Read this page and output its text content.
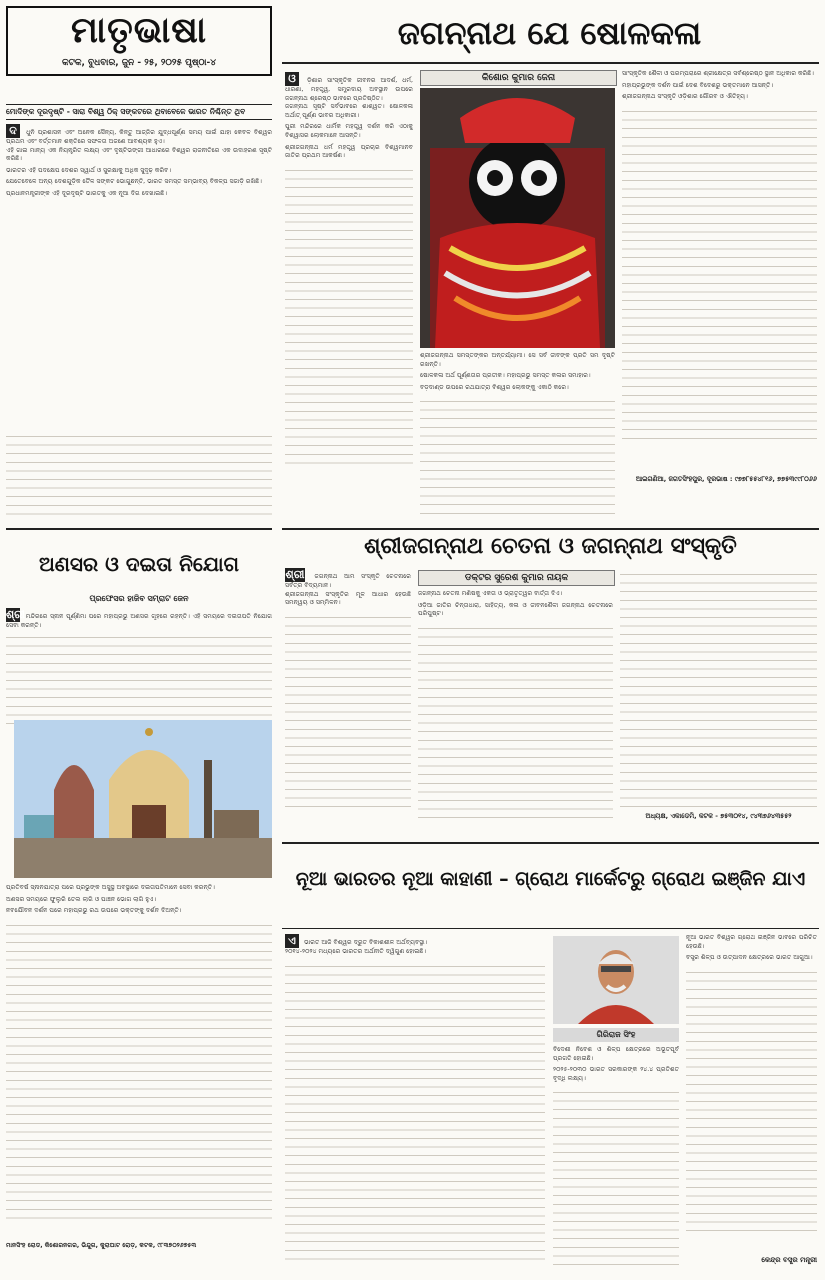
ମାତୃଭାଷା
କଟକ, ବୁଧବାର, ଜୁନ - ୨୫, ୨୦୨୫ ପୃଷ୍ଠା-୪
ଜଗନ୍ନାଥ ଯେ ଷୋଳକଳା
ମୋଦିଙ୍କ ଦୂରଦୃଷ୍ଟି - ସାରା ବିଶ୍ୱ ଠିକ୍ ସଙ୍କଟରେ ଥିବାବେଳେ ଭାରତ ନିଶ୍ଚିନ୍ତ ଥିବ
ଦ ଧୁନି ପ୍ରଶାସନ ଏବଂ ଅନେକ ସୈନ୍ୟ, କିନ୍ତୁ ଆଜ୍ଜିର ଯୁଦ୍ଧପୂର୍ଣ୍ଣ ସମୟ ପାଇଁ ଯାହା କେବଳ ବିଶ୍ୱର ପ୍ରଥମ ଏବଂ ବର୍ତ୍ତମାନ ଶକ୍ତିରେ ସଫଳତା ଅଜଣେ ଆବଶ୍ୟକ ହୁଏ।

ଏହି ଗାଇ ମାନ୍ୟ ଏକ ନିୟନ୍ତ୍ରିତ ଲକ୍ଷ୍ୟ ଏବଂ ଦୃଷ୍ଟିଭଙ୍ଗୀ ଆଧାରରେ ବିଶ୍ୱର ରାଜନୀତିରେ ଏକ ଉଦାହରଣ ସୃଷ୍ଟି କରିଛି।

ଭାରତର ଏହି ପଦକ୍ଷେପ ଦେଶର ସ୍ୱାର୍ଥ ଓ ସୁରକ୍ଷାକୁ ଅଧିକ ସୁଦୃଢ଼ କରିବ।

ଯେତେବେଳେ ଅନ୍ୟ ଦେଶଗୁଡ଼ିକ ତୈଳ ସଙ୍କଟ ଭୋଗୁଛନ୍ତି, ଭାରତ ସମସ୍ତ ସମ୍ଭାବ୍ୟ ବିକଳ୍ପ ସଜାଡ଼ି ରଖିଛି।

ପ୍ରଧାନମନ୍ତ୍ରୀଙ୍କ ଏହି ଦୂରଦୃଷ୍ଟି ଭାରତକୁ ଏକ ନୂଆ ଦିଗ ଦେଖାଇଛି।

ଓ ଡ଼ିଶାର ସାଂସ୍କୃତିକ ଜୀବନର ଆଦର୍ଶ, ଧର୍ମ, ଧାରଣା, ମହତ୍ତ୍ୱ, ସମ୍ପ୍ରଦାୟ ଅବସ୍ଥାନ ଉପରେ ଜଗନ୍ନାଥ ଶ୍ରେଷ୍ଠ ଭାବରେ ପ୍ରତିଷ୍ଠିତ।

ଜଗନ୍ନାଥ ସୃଷ୍ଟି ସର୍ବଭାବରେ ଶାଶ୍ୱତ। ଷୋଳକଳା ଅର୍ଥାତ୍ ପୂର୍ଣ୍ଣ ଭାବର ଅଧିକାରୀ।

ପୁରୀ ମନ୍ଦିରରେ ଧାର୍ମିକ ମହତ୍ତ୍ୱ ଦର୍ଶନ କରି ଏଠାକୁ ବିଶ୍ୱାସର ଲୋକମାନେ ଆସନ୍ତି।

ଶ୍ରୀଜଗନ୍ନାଥ ଧର୍ମ ମହତ୍ତ୍ୱ ପ୍ରଚାର ବିଶ୍ୱମାନବ ଜାତିର ପ୍ରଥମ ଆକର୍ଷଣ।

କିଶୋର କୁମାର ଜେନା

ଶ୍ରୀଜଗନ୍ନାଥ ସମସ୍ତଙ୍କର ଅନ୍ତର୍ଯ୍ୟାମୀ। ସେ ସର୍ବ ଜୀବଙ୍କ ପ୍ରତି ସମ ଦୃଷ୍ଟି ରଖନ୍ତି।

ଷୋଳକଳା ଅର୍ଥ ପୂର୍ଣ୍ଣତାର ପ୍ରତୀକ। ମହାପ୍ରଭୁ ସମସ୍ତ କଳାର ସମାହାର।

ବଡ଼ଦାଣ୍ଡ ଉପରେ ରଥଯାତ୍ରା ବିଶ୍ୱର ଲୋକଙ୍କୁ ଏକାଠି କରେ।

ସାଂସ୍କୃତିକ ଶୈଳୀ ଓ ପରମ୍ପରାରେ ଶ୍ରୀକ୍ଷେତ୍ର ସର୍ବଶ୍ରେଷ୍ଠ ସ୍ଥାନ ଅଧିକାର କରିଛି।

ମହାପ୍ରଭୁଙ୍କ ଦର୍ଶନ ପାଇଁ ଦେଶ ବିଦେଶରୁ ଭକ୍ତମାନେ ଆସନ୍ତି।

ଶ୍ରୀଜଗନ୍ନାଥ ସଂସ୍କୃତି ଓଡ଼ିଶାର ଗୌରବ ଓ ଐତିହ୍ୟ।

ଆଇଗଣିଆ, ଜଗତସିଂହପୁର, ଦୂରଭାଷ : ୯୭୭୮୫୫୪୮୧୬, ୭୭୫୩୯୯୮୦୬୬
ଶ୍ରୀଜଗନ୍ନାଥ ଚେତନା ଓ ଜଗନ୍ନାଥ ସଂସ୍କୃତି
ଅଣସର ଓ ଦଇତା ନିଯୋଗ
ପ୍ରଫେସର ହାଜିବ ସମ୍ରାଟ ଜେନ
ଶ୍ରୀ

ମନ୍ଦିରରେ ସ୍ନାନ ପୂର୍ଣ୍ଣିମା ପରେ ମହାପ୍ରଭୁ ଅଣସର ଗୃହରେ ରହନ୍ତି। ଏହି ସମୟରେ ଦଇତାପତି ନିଯୋଗ ସେବା କରନ୍ତି।

ପ୍ରତିବର୍ଷ ସ୍ନାନଯାତ୍ରା ପରେ ପ୍ରଭୁଙ୍କ ଅସୁସ୍ଥ ଅବସ୍ଥାରେ ଦଇତାପତିମାନେ ସେବା କରନ୍ତି।

ଅଣସର ସମୟରେ ଫୁଲୁରି ତେଲ ଲାଗି ଓ ପାଞ୍ଚନ ଭୋଗ ଲାଗି ହୁଏ।

ନବଯୌବନ ଦର୍ଶନ ପରେ ମହାପ୍ରଭୁ ରଥ ଉପରେ ଭକ୍ତଙ୍କୁ ଦର୍ଶନ ଦିଅନ୍ତି।

ମାନସିଂହ ରୋଡ, କିଶୋରନଗର, ଭିନ୍ଦୁଗ, କୁରାଘାଟ ରୋଡ଼, କଟକ, ୯୮୩୭୦୨୬୭୫୩
ଶ୍ରୀ ଜଗନ୍ନାଥ ଆମ ସଂସ୍କୃତି ଚେତନାରେ ସର୍ବତ୍ର ବିଦ୍ୟମାନ।

ଶ୍ରୀଜଗନ୍ନାଥ ସଂସ୍କୃତିର ମୂଳ ଆଧାର ହେଉଛି ସମନ୍ୱୟ ଓ ସମ୍ମିଳନ।

ଡକ୍ଟର ସୁରେଶ କୁମାର ନାୟକ

ଜଗନ୍ନାଥ ଚେତନା ମଣିଷକୁ ଏକତା ଓ ଭ୍ରାତୃତ୍ୱର ବାର୍ତ୍ତା ଦିଏ।

ଓଡ଼ିଆ ଜାତିର ଚିନ୍ତାଧାରା, ସାହିତ୍ୟ, କଳା ଓ ଜୀବନଶୈଳୀ ଜଗନ୍ନାଥ ଚେତନାରେ ପରିପୁଷ୍ଟ।

ଅଧ୍ୟକ୍ଷ, ଏକାଡେମି, କଟକ - ୭୫୩୦୧୪, ୯୪୩୭୬୪୩୫୫୨
ନୂଆ ଭାରତର ନୂଆ କାହାଣୀ – ଗ୍ରୋଥ ମାର୍କେଟରୁ ଗ୍ରୋଥ ଇଞ୍ଜିନ ଯାଏ
ଏ ଭାରତ ଆଜି ବିଶ୍ୱର ଦ୍ରୁତ ବିକାଶଶୀଳ ଅର୍ଥବ୍ୟବସ୍ଥା।

୨୦୧୪-୨୦୨୪ ମଧ୍ୟରେ ଭାରତର ଅର୍ଥନୀତି ଦ୍ୱିଗୁଣ ହୋଇଛି।

ଗିରିରାଜ ସିଂହ

ବିଦେଶୀ ନିବେଶ ଓ ଶିଳ୍ପ କ୍ଷେତ୍ରରେ ଅଭୂତପୂର୍ବ ପ୍ରଗତି ହୋଇଛି।

୨୦୨୫-୨୦୩୦ ଭାରତ ସରକାରଙ୍କ ୨୪.୪ ପ୍ରତିଶତ ବୃଦ୍ଧି ଲକ୍ଷ୍ୟ।

ନୂଆ ଭାରତ ବିଶ୍ୱର ଗ୍ରୋଥ ଇଞ୍ଜିନ ଭାବରେ ପରିଚିତ ହେଉଛି।

ବସ୍ତ୍ର ଶିଳ୍ପ ଓ ଉତ୍ପାଦନ କ୍ଷେତ୍ରରେ ଭାରତ ଆଗୁଆ।

କେନ୍ଦ୍ର ବସ୍ତ୍ର ମନ୍ତ୍ରୀ
